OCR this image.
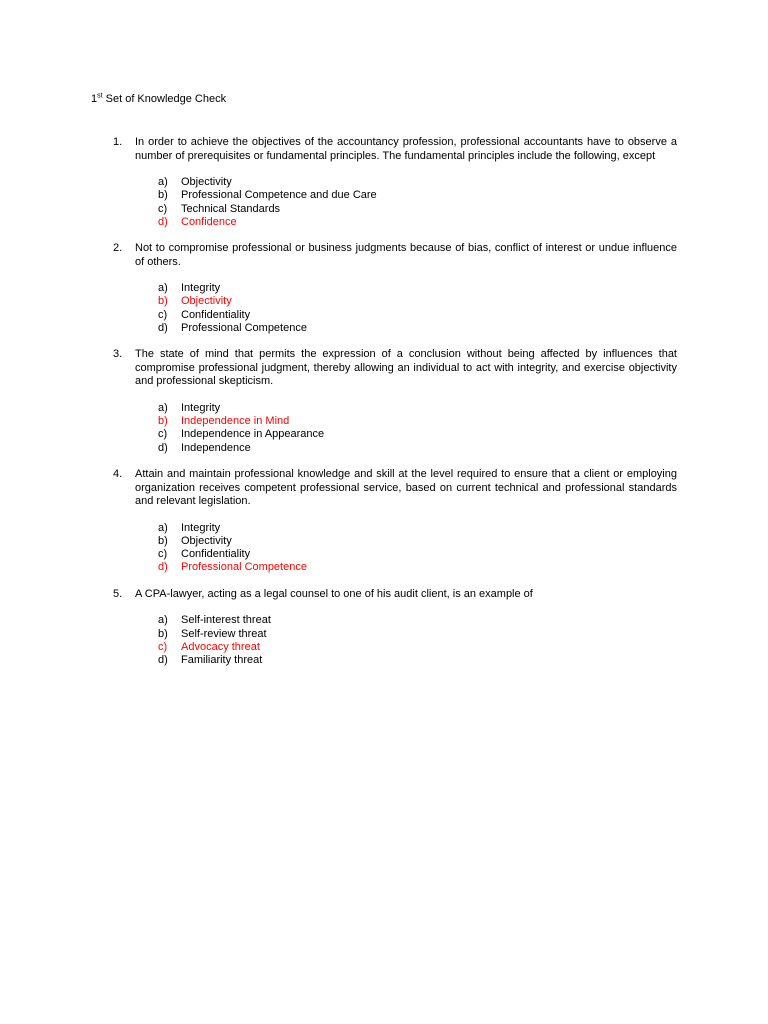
1st Set of Knowledge Check
1. In order to achieve the objectives of the accountancy profession, professional accountants have to observe a number of prerequisites or fundamental principles. The fundamental principles include the following, except
a) Objectivity
b) Professional Competence and due Care
c) Technical Standards
d) Confidence
2. Not to compromise professional or business judgments because of bias, conflict of interest or undue influence of others.
a) Integrity
b) Objectivity
c) Confidentiality
d) Professional Competence
3. The state of mind that permits the expression of a conclusion without being affected by influences that compromise professional judgment, thereby allowing an individual to act with integrity, and exercise objectivity and professional skepticism.
a) Integrity
b) Independence in Mind
c) Independence in Appearance
d) Independence
4. Attain and maintain professional knowledge and skill at the level required to ensure that a client or employing organization receives competent professional service, based on current technical and professional standards and relevant legislation.
a) Integrity
b) Objectivity
c) Confidentiality
d) Professional Competence
5. A CPA-lawyer, acting as a legal counsel to one of his audit client, is an example of
a) Self-interest threat
b) Self-review threat
c) Advocacy threat
d) Familiarity threat
